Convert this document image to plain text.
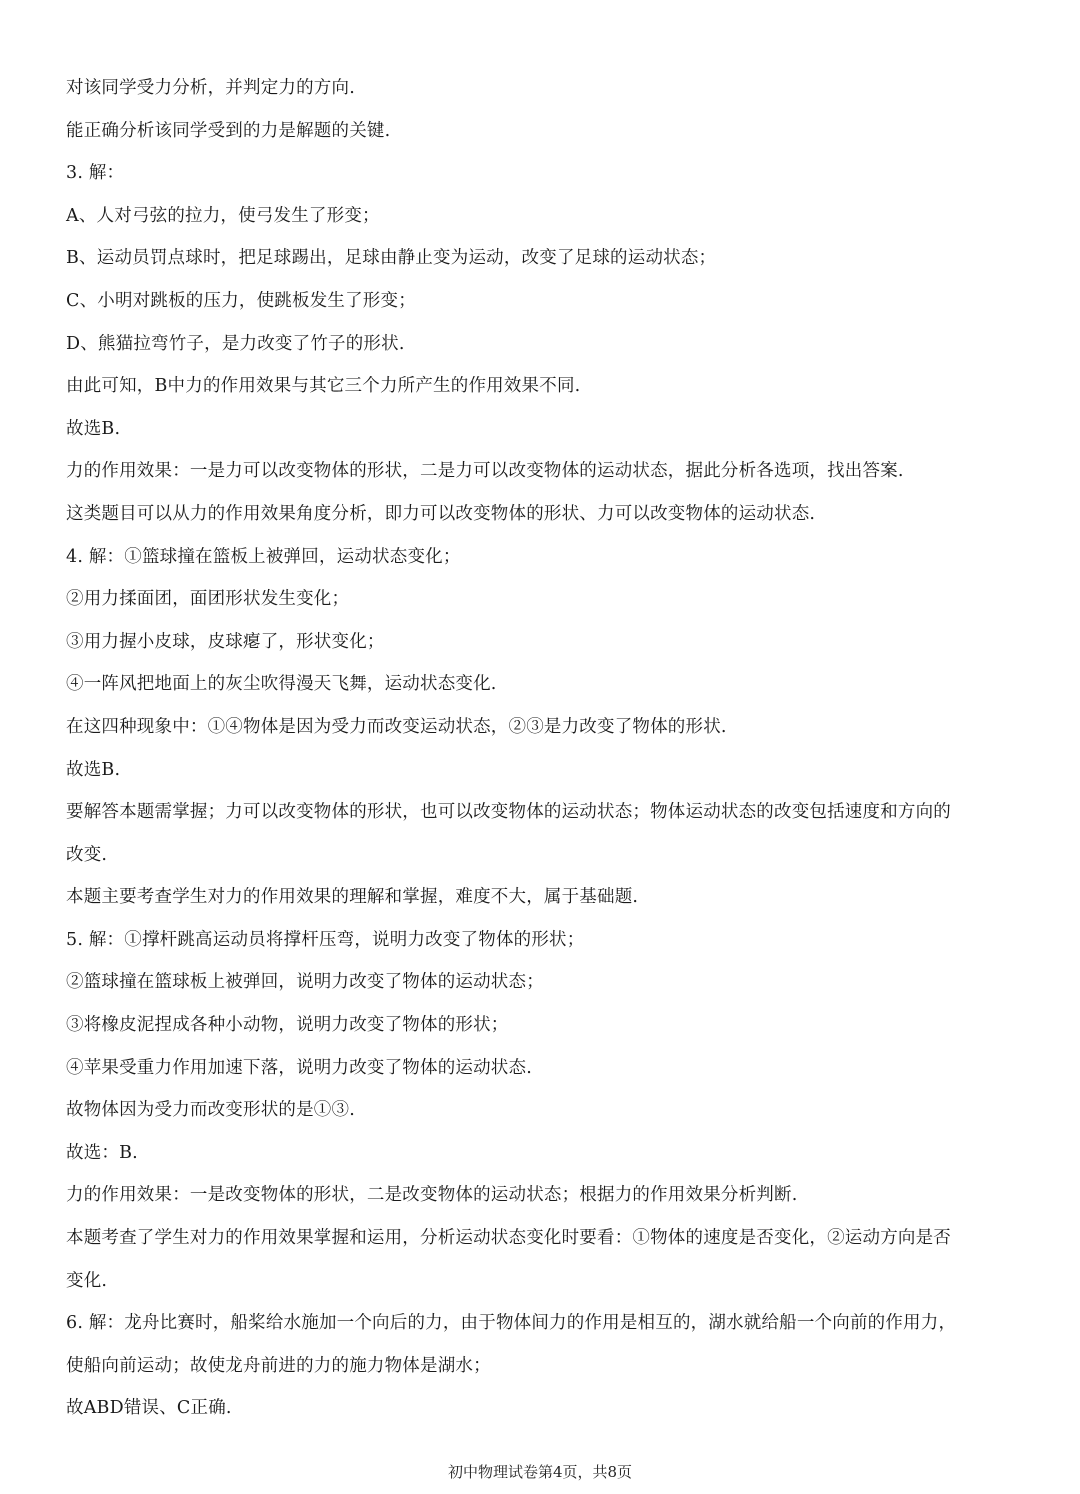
对该同学受力分析，并判定力的方向.
能正确分析该同学受到的力是解题的关键.
3. 解：
A、人对弓弦的拉力，使弓发生了形变；
B、运动员罚点球时，把足球踢出，足球由静止变为运动，改变了足球的运动状态；
C、小明对跳板的压力，使跳板发生了形变；
D、熊猫拉弯竹子，是力改变了竹子的形状.
由此可知，B中力的作用效果与其它三个力所产生的作用效果不同.
故选B.
力的作用效果：一是力可以改变物体的形状，二是力可以改变物体的运动状态，据此分析各选项，找出答案.
这类题目可以从力的作用效果角度分析，即力可以改变物体的形状、力可以改变物体的运动状态.
4. 解：①篮球撞在篮板上被弹回，运动状态变化；
②用力揉面团，面团形状发生变化；
③用力握小皮球，皮球瘪了，形状变化；
④一阵风把地面上的灰尘吹得漫天飞舞，运动状态变化.
在这四种现象中：①④物体是因为受力而改变运动状态，②③是力改变了物体的形状.
故选B.
要解答本题需掌握；力可以改变物体的形状，也可以改变物体的运动状态；物体运动状态的改变包括速度和方向的
改变.
本题主要考查学生对力的作用效果的理解和掌握，难度不大，属于基础题.
5. 解：①撑杆跳高运动员将撑杆压弯，说明力改变了物体的形状；
②篮球撞在篮球板上被弹回，说明力改变了物体的运动状态；
③将橡皮泥捏成各种小动物，说明力改变了物体的形状；
④苹果受重力作用加速下落，说明力改变了物体的运动状态.
故物体因为受力而改变形状的是①③.
故选：B.
力的作用效果：一是改变物体的形状，二是改变物体的运动状态；根据力的作用效果分析判断.
本题考查了学生对力的作用效果掌握和运用，分析运动状态变化时要看：①物体的速度是否变化，②运动方向是否
变化.
6. 解：龙舟比赛时，船桨给水施加一个向后的力，由于物体间力的作用是相互的，湖水就给船一个向前的作用力，
使船向前运动；故使龙舟前进的力的施力物体是湖水；
故ABD错误、C正确.
初中物理试卷第4页，共8页
